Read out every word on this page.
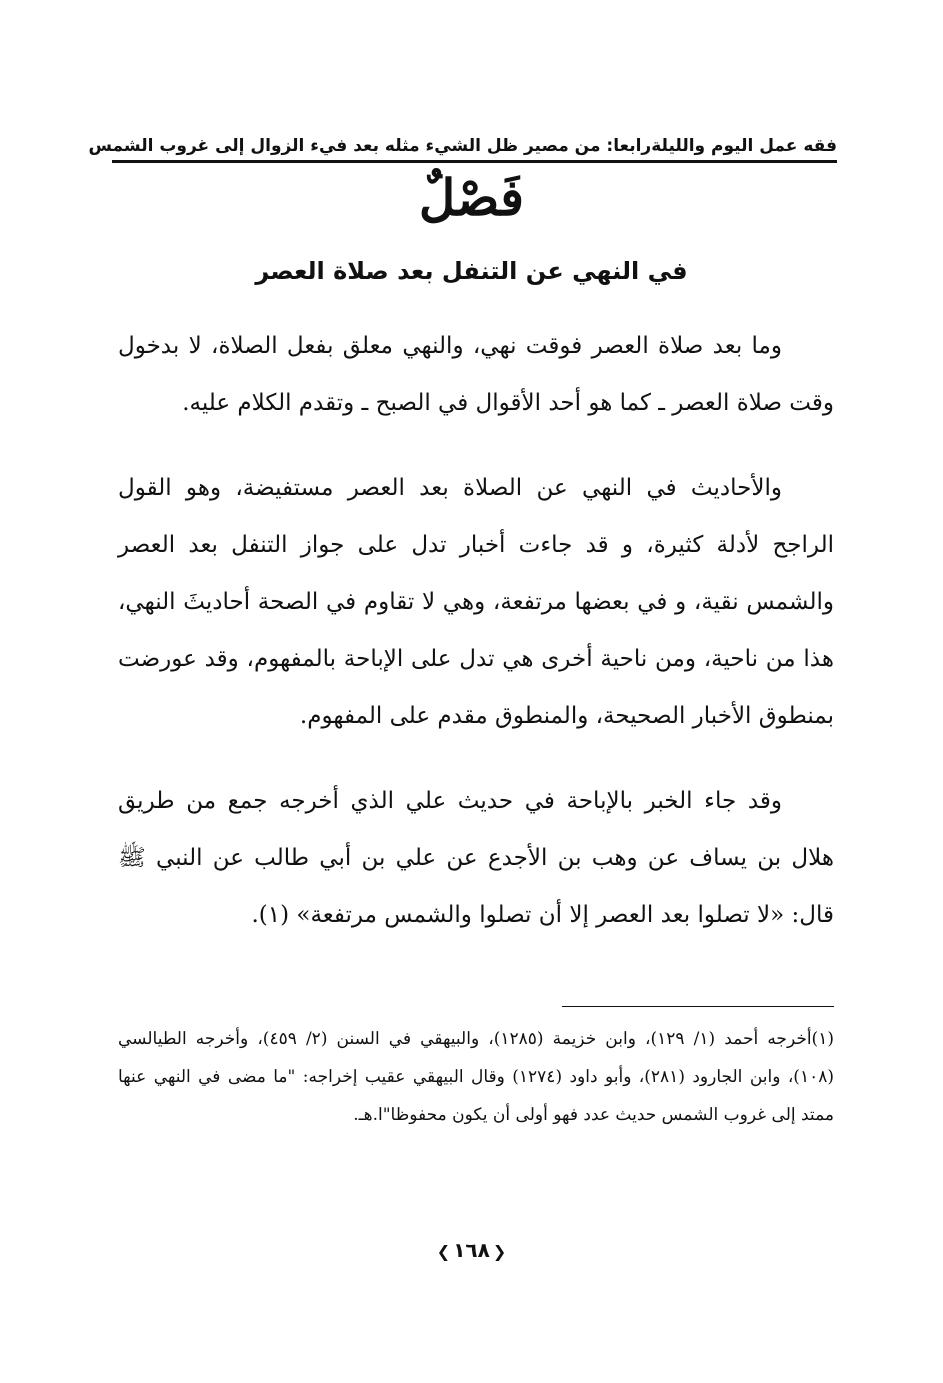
فقه عمل اليوم والليلة
رابعا: من مصير ظل الشيء مثله بعد فيء الزوال إلى غروب الشمس
فَصْلٌ
في النهي عن التنفل بعد صلاة العصر

وما بعد صلاة العصر فوقت نهي، والنهي معلق بفعل الصلاة، لا بدخول وقت صلاة العصر ـ كما هو أحد الأقوال في الصبح ـ وتقدم الكلام عليه.

والأحاديث في النهي عن الصلاة بعد العصر مستفيضة، وهو القول الراجح لأدلة كثيرة، و قد جاءت أخبار تدل على جواز التنفل بعد العصر والشمس نقية، و في بعضها مرتفعة، وهي لا تقاوم في الصحة أحاديثَ النهي، هذا من ناحية، ومن ناحية أخرى هي تدل على الإباحة بالمفهوم، وقد عورضت بمنطوق الأخبار الصحيحة، والمنطوق مقدم على المفهوم.

وقد جاء الخبر بالإباحة في حديث علي الذي أخرجه جمع من طريق هلال بن يساف عن وهب بن الأجدع عن علي بن أبي طالب عن النبي ﷺ قال: «لا تصلوا بعد العصر إلا أن تصلوا والشمس مرتفعة» (١).

(١)أخرجه أحمد (١/ ١٢٩)، وابن خزيمة (١٢٨٥)، والبيهقي في السنن (٢/ ٤٥٩)، وأخرجه الطيالسي (١٠٨)، وابن الجارود (٢٨١)، وأبو داود (١٢٧٤) وقال البيهقي عقيب إخراجه: "ما مضى في النهي عنها ممتد إلى غروب الشمس حديث عدد فهو أولى أن يكون محفوظا"ا.هـ.

❮١٦٨❯
